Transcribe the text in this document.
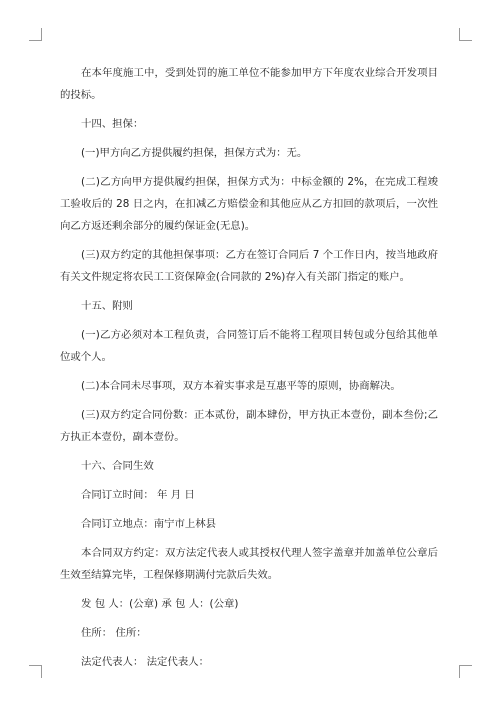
在本年度施工中，受到处罚的施工单位不能参加甲方下年度农业综合开发项目的投标。

十四、担保：

(一)甲方向乙方提供履约担保，担保方式为：无。

(二)乙方向甲方提供履约担保，担保方式为：中标金额的 2%，在完成工程竣工验收后的 28 日之内，在扣减乙方赔偿金和其他应从乙方扣回的款项后，一次性向乙方返还剩余部分的履约保证金(无息)。

(三)双方约定的其他担保事项：乙方在签订合同后 7 个工作日内，按当地政府有关文件规定将农民工工资保障金(合同款的 2%)存入有关部门指定的账户。

十五、附则

(一)乙方必须对本工程负责，合同签订后不能将工程项目转包或分包给其他单位或个人。

(二)本合同未尽事项，双方本着实事求是互惠平等的原则，协商解决。

(三)双方约定合同份数：正本贰份，副本肆份，甲方执正本壹份，副本叁份;乙方执正本壹份，副本壹份。

十六、合同生效

合同订立时间： 年 月 日

合同订立地点：南宁市上林县

本合同双方约定：双方法定代表人或其授权代理人签字盖章并加盖单位公章后生效至结算完毕，工程保修期满付完款后失效。

发 包 人：(公章) 承 包 人：(公章)

住所： 住所：

法定代表人： 法定代表人：
